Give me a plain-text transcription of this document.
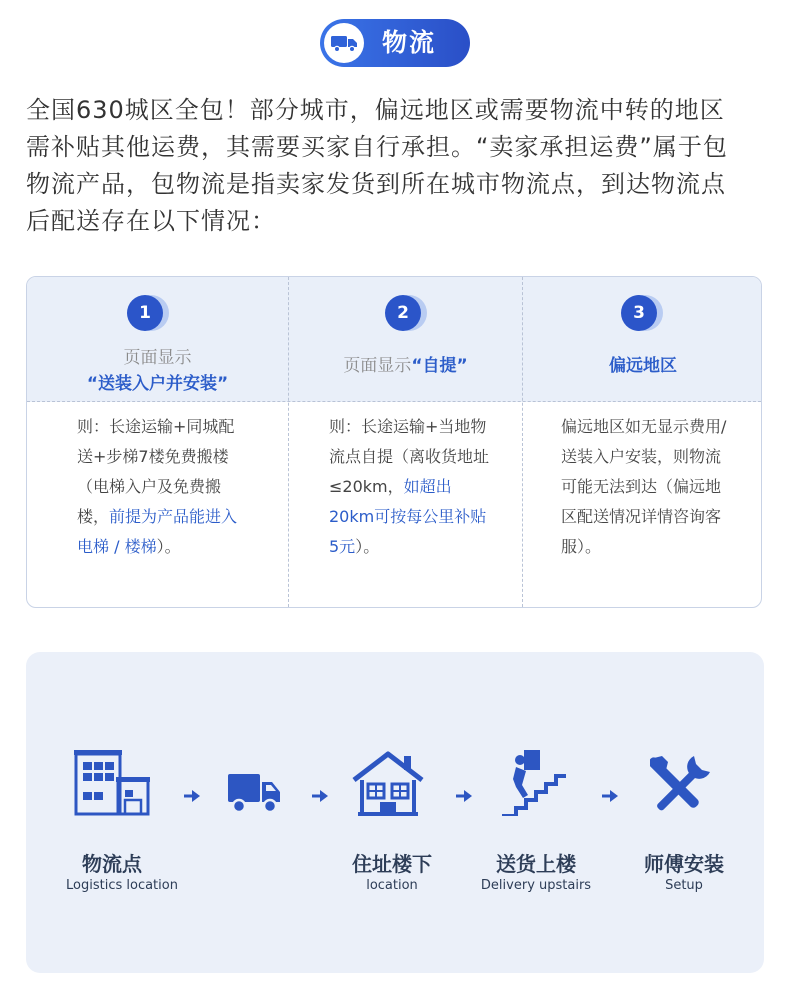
物流
全国630城区全包！部分城市，偏远地区或需要物流中转的地区
需补贴其他运费，其需要买家自行承担。“卖家承担运费”属于包
物流产品，包物流是指卖家发货到所在城市物流点，到达物流点
后配送存在以下情况：
1
页面显示
“送装入户并安装”
则：长途运输+同城配送+步梯7楼免费搬楼（电梯入户及免费搬楼，前提为产品能进入电梯 / 楼梯）。
2
页面显示“自提”
则：长途运输+当地物流点自提（离收货地址≤20km，如超出20km可按每公里补贴5元）。
3
偏远地区
偏远地区如无显示费用/送装入户安装，则物流可能无法到达（偏远地区配送情况详情咨询客服）。
物流点
Logistics location
住址楼下
location
送货上楼
Delivery upstairs
师傅安装
Setup
